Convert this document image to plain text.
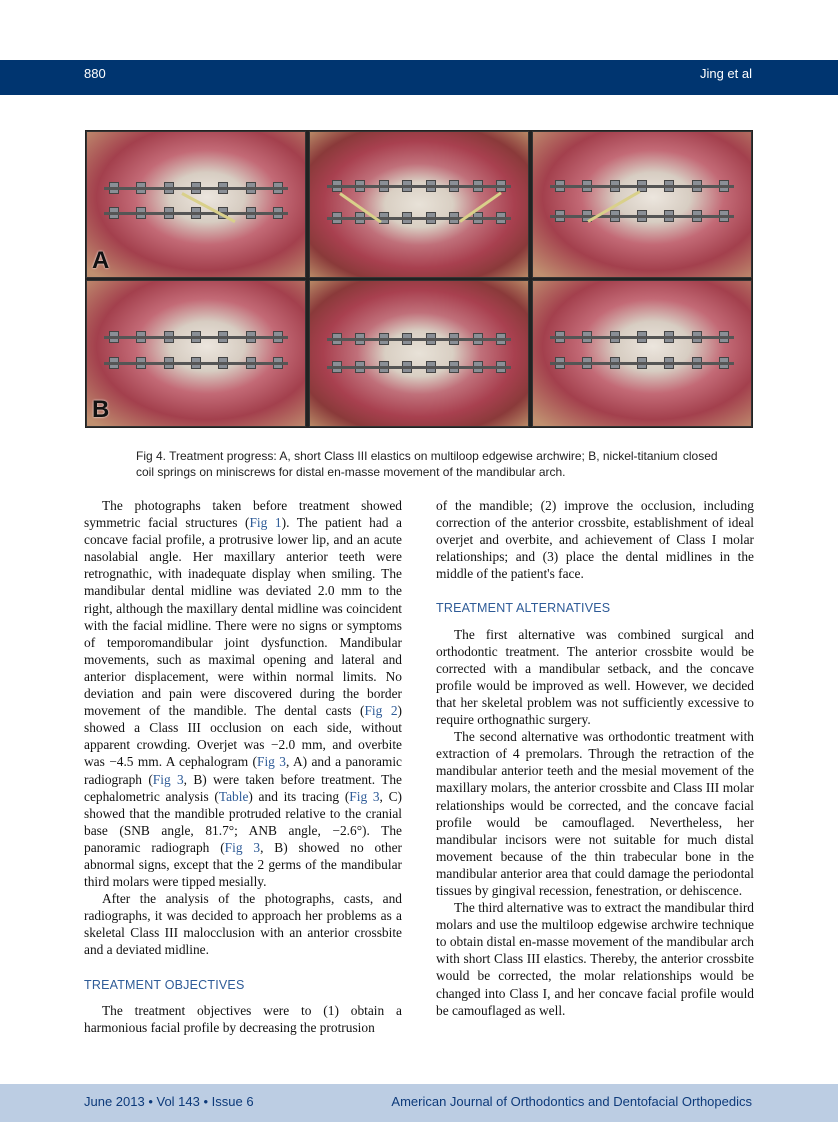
880	Jing et al
A
B
Fig 4. Treatment progress: A, short Class III elastics on multiloop edgewise archwire; B, nickel-titanium closed coil springs on miniscrews for distal en-masse movement of the mandibular arch.

The photographs taken before treatment showed symmetric facial structures (Fig 1). The patient had a concave facial profile, a protrusive lower lip, and an acute nasolabial angle. Her maxillary anterior teeth were retrognathic, with inadequate display when smiling. The mandibular dental midline was deviated 2.0 mm to the right, although the maxillary dental midline was coincident with the facial midline. There were no signs or symptoms of temporomandibular joint dysfunction. Mandibular movements, such as maximal opening and lateral and anterior displacement, were within normal limits. No deviation and pain were discovered during the border movement of the mandible. The dental casts (Fig 2) showed a Class III occlusion on each side, without apparent crowding. Overjet was −2.0 mm, and overbite was −4.5 mm. A cephalogram (Fig 3, A) and a panoramic radiograph (Fig 3, B) were taken before treatment. The cephalometric analysis (Table) and its tracing (Fig 3, C) showed that the mandible protruded relative to the cranial base (SNB angle, 81.7°; ANB angle, −2.6°). The panoramic radiograph (Fig 3, B) showed no other abnormal signs, except that the 2 germs of the mandibular third molars were tipped mesially.

After the analysis of the photographs, casts, and radiographs, it was decided to approach her problems as a skeletal Class III malocclusion with an anterior crossbite and a deviated midline.

TREATMENT OBJECTIVES

The treatment objectives were to (1) obtain a harmonious facial profile by decreasing the protrusion

of the mandible; (2) improve the occlusion, including correction of the anterior crossbite, establishment of ideal overjet and overbite, and achievement of Class I molar relationships; and (3) place the dental midlines in the middle of the patient's face.

TREATMENT ALTERNATIVES

The first alternative was combined surgical and orthodontic treatment. The anterior crossbite would be corrected with a mandibular setback, and the concave profile would be improved as well. However, we decided that her skeletal problem was not sufficiently excessive to require orthognathic surgery.

The second alternative was orthodontic treatment with extraction of 4 premolars. Through the retraction of the mandibular anterior teeth and the mesial movement of the maxillary molars, the anterior crossbite and Class III molar relationships would be corrected, and the concave facial profile would be camouflaged. Nevertheless, her mandibular incisors were not suitable for much distal movement because of the thin trabecular bone in the mandibular anterior area that could damage the periodontal tissues by gingival recession, fenestration, or dehiscence.

The third alternative was to extract the mandibular third molars and use the multiloop edgewise archwire technique to obtain distal en-masse movement of the mandibular arch with short Class III elastics. Thereby, the anterior crossbite would be corrected, the molar relationships would be changed into Class I, and her concave facial profile would be camouflaged as well.

June 2013 • Vol 143 • Issue 6	American Journal of Orthodontics and Dentofacial Orthopedics
